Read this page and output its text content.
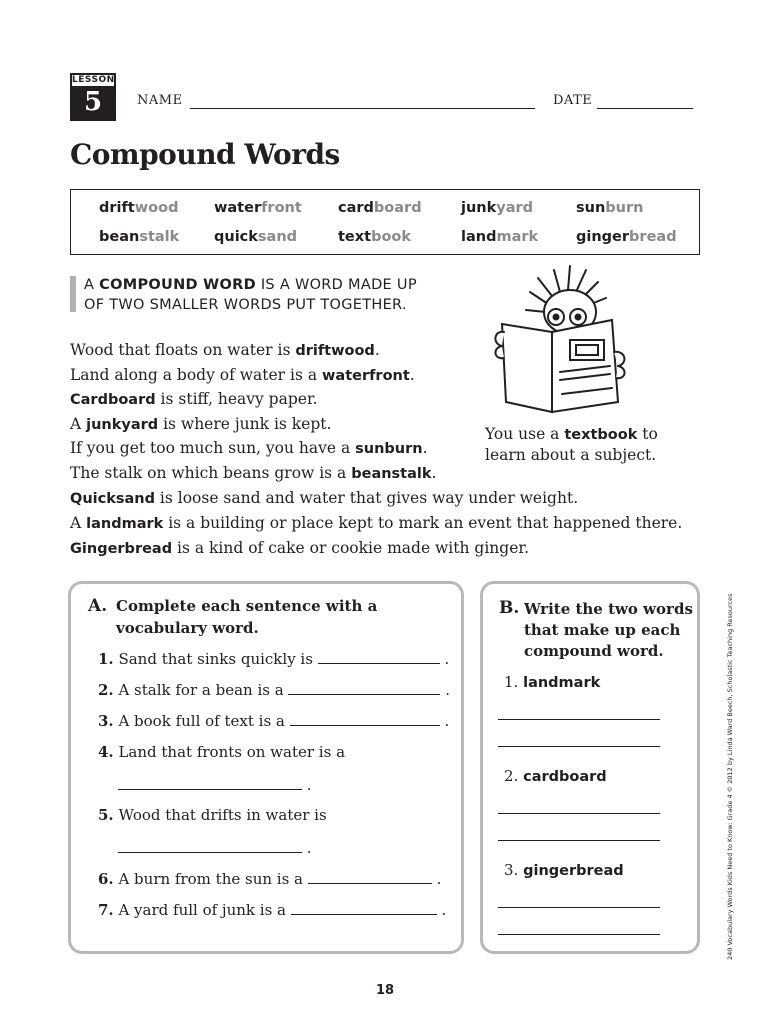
LESSON
5	NAME	DATE
Compound Words
driftwood waterfront cardboard	junkyard	sunburn
beanstalk quicksand	textbook	landmark	gingerbread
A COMPOUND WORD IS A WORD MADE UP
OF TWO SMALLER WORDS PUT TOGETHER.
Wood that floats on water is driftwood.
Land along a body of water is a waterfront.
Cardboard is stiff, heavy paper.
A junkyard is where junk is kept.
If you get too much sun, you have a sunburn.
The stalk on which beans grow is a beanstalk.
Quicksand is loose sand and water that gives way under weight.
A landmark is a building or place kept to mark an event that happened there.
Gingerbread is a kind of cake or cookie made with ginger.
You use a textbook to
learn about a subject.
A. Complete each sentence with a
vocabulary word.
1. Sand that sinks quickly is	.
2. A stalk for a bean is a	.
3. A book full of text is a	.
4. Land that fronts on water is a
.
5. Wood that drifts in water is
.
6. A burn from the sun is a	.
7. A yard full of junk is a	.
B. Write the two words
that make up each
compound word.
1. landmark
2. cardboard
3. gingerbread	240 Vocabulary Words Kids Need to Know: Grade 4 © 2012 by Linda Ward Beech, Scholastic Teaching Resources
18
